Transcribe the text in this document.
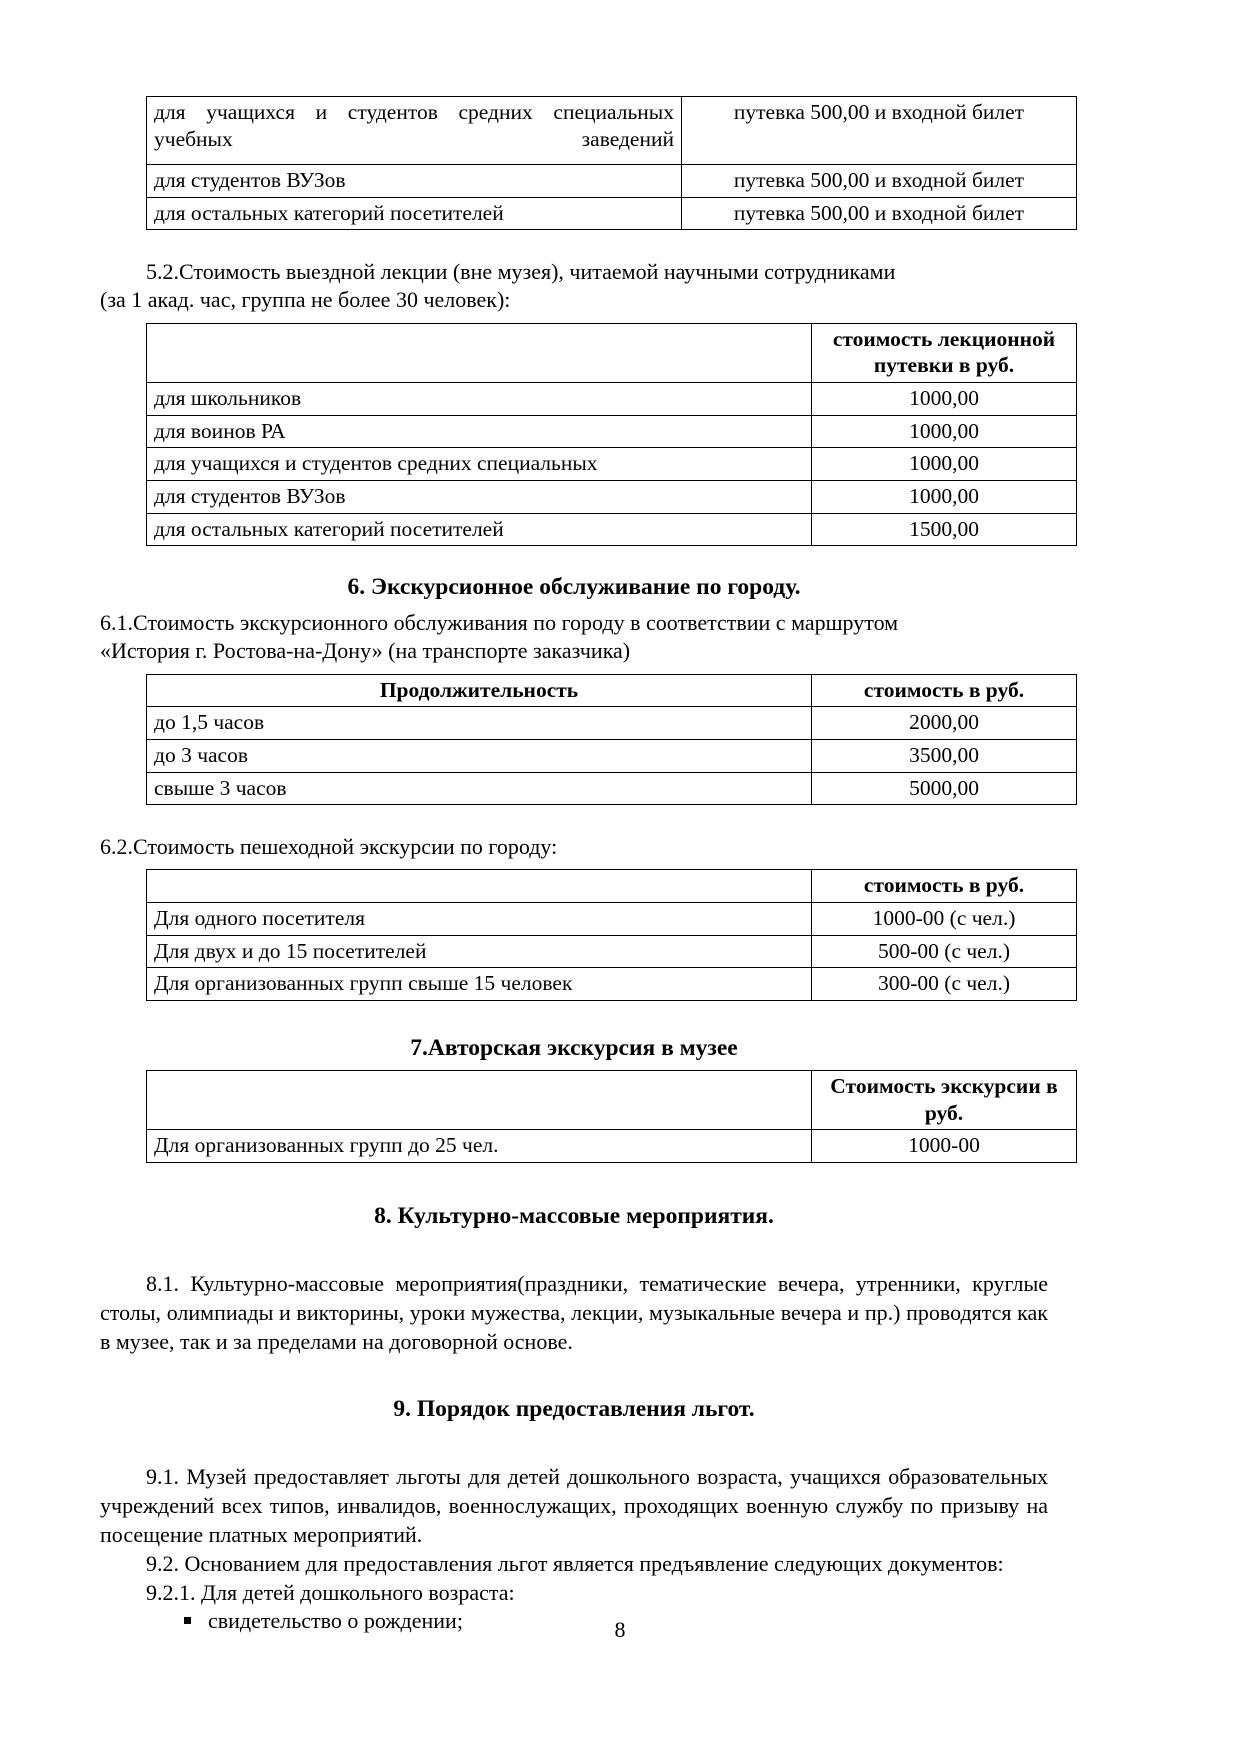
для учащихся и студентов средних специальных учебных заведений	путевка 500,00 и входной билет
для студентов ВУЗов	путевка 500,00 и входной билет
для остальных категорий посетителей	путевка 500,00 и входной билет

5.2.Стоимость выездной лекции (вне музея), читаемой научными сотрудниками

(за 1 акад. час, группа не более 30 человек):

	стоимость лекционной
путевки в руб.
для школьников	1000,00
для воинов РА	1000,00
для учащихся и студентов средних специальных	1000,00
для студентов ВУЗов	1000,00
для остальных категорий посетителей	1500,00

6. Экскурсионное обслуживание по городу.

6.1.Стоимость экскурсионного обслуживания по городу в соответствии с маршрутом

«История г. Ростова-на-Дону» (на транспорте заказчика)

Продолжительность	стоимость в руб.
до 1,5 часов	2000,00
до 3 часов	3500,00
свыше 3 часов	5000,00

6.2.Стоимость пешеходной экскурсии по городу:

	стоимость в руб.
Для одного посетителя	1000-00 (с чел.)
Для двух и до 15 посетителей	500-00 (с чел.)
Для организованных групп свыше 15 человек	300-00 (с чел.)

7.Авторская экскурсия в музее

	Стоимость экскурсии в
руб.
Для организованных групп до 25 чел.	1000-00

8. Культурно-массовые мероприятия.

8.1. Культурно-массовые мероприятия(праздники, тематические вечера, утренники, круглые столы, олимпиады и викторины, уроки мужества, лекции, музыкальные вечера и пр.) проводятся как в музее, так и за пределами на договорной основе.

9. Порядок предоставления льгот.

9.1. Музей предоставляет льготы для детей дошкольного возраста, учащихся образовательных учреждений всех типов, инвалидов, военнослужащих, проходящих военную службу по призыву на посещение платных мероприятий.

9.2. Основанием для предоставления льгот является предъявление следующих документов:

9.2.1. Для детей дошкольного возраста:

свидетельство о рождении;	8
